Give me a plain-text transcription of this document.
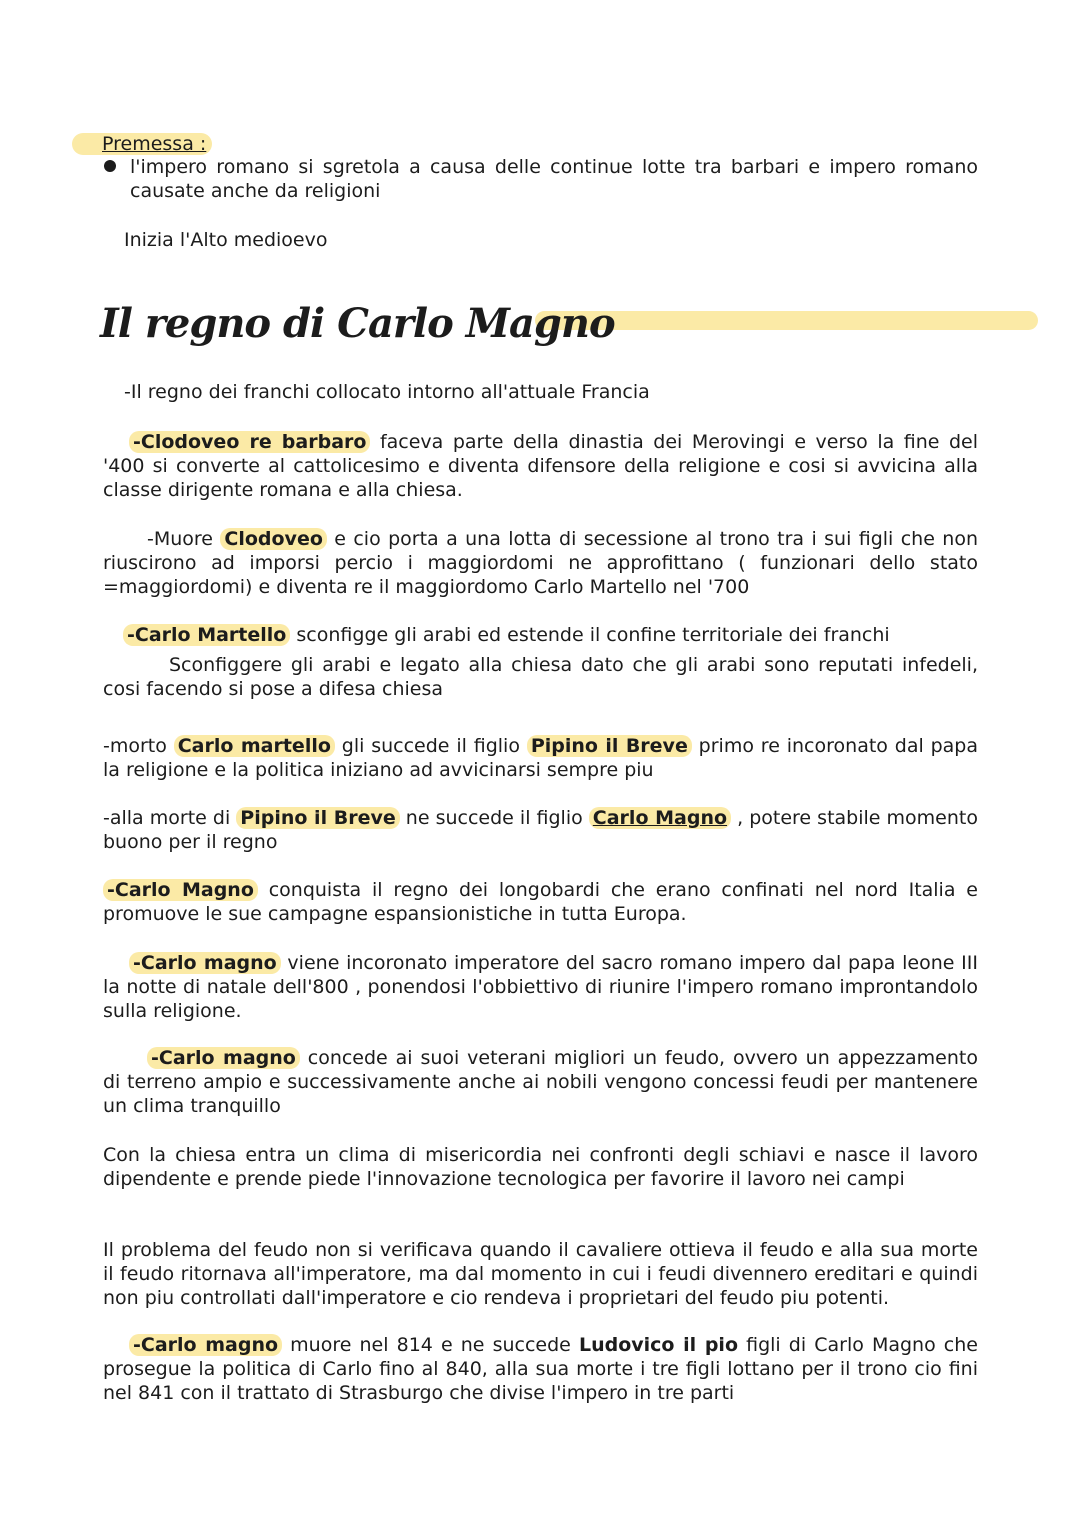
Premessa :
l'impero romano si sgretola a causa delle continue lotte tra barbari e impero romano causate anche da religioni
Inizia l'Alto medioevo
Il regno di Carlo Magno
-Il regno dei franchi collocato intorno all'attuale Francia
-Clodoveo re barbaro faceva parte della dinastia dei Merovingi e verso la fine del '400 si converte al cattolicesimo e diventa difensore della religione e cosi si avvicina alla classe dirigente romana e alla chiesa.
-Muore Clodoveo e cio porta a una lotta di secessione al trono tra i sui figli che non riuscirono ad imporsi percio i maggiordomi ne approfittano ( funzionari dello stato =maggiordomi) e diventa re il maggiordomo Carlo Martello nel '700
-Carlo Martello sconfigge gli arabi ed estende il confine territoriale dei franchi
Sconfiggere gli arabi e legato alla chiesa dato che gli arabi sono reputati infedeli, cosi facendo si pose a difesa chiesa
-morto Carlo martello gli succede il figlio Pipino il Breve primo re incoronato dal papa la religione e la politica iniziano ad avvicinarsi sempre piu
-alla morte di Pipino il Breve ne succede il figlio Carlo Magno , potere stabile momento buono per il regno
-Carlo Magno conquista il regno dei longobardi che erano confinati nel nord Italia e promuove le sue campagne espansionistiche in tutta Europa.
-Carlo magno viene incoronato imperatore del sacro romano impero dal papa leone III la notte di natale dell'800 , ponendosi l'obbiettivo di riunire l'impero romano improntandolo sulla religione.
-Carlo magno concede ai suoi veterani migliori un feudo, ovvero un appezzamento di terreno ampio e successivamente anche ai nobili vengono concessi feudi per mantenere un clima tranquillo
Con la chiesa entra un clima di misericordia nei confronti degli schiavi e nasce il lavoro dipendente e prende piede l'innovazione tecnologica per favorire il lavoro nei campi
Il problema del feudo non si verificava quando il cavaliere ottieva il feudo e alla sua morte il feudo ritornava all'imperatore, ma dal momento in cui i feudi divennero ereditari e quindi non piu controllati dall'imperatore e cio rendeva i proprietari del feudo piu potenti.
-Carlo magno muore nel 814 e ne succede Ludovico il pio figli di Carlo Magno che prosegue la politica di Carlo fino al 840, alla sua morte i tre figli lottano per il trono cio fini nel 841 con il trattato di Strasburgo che divise l'impero in tre parti
